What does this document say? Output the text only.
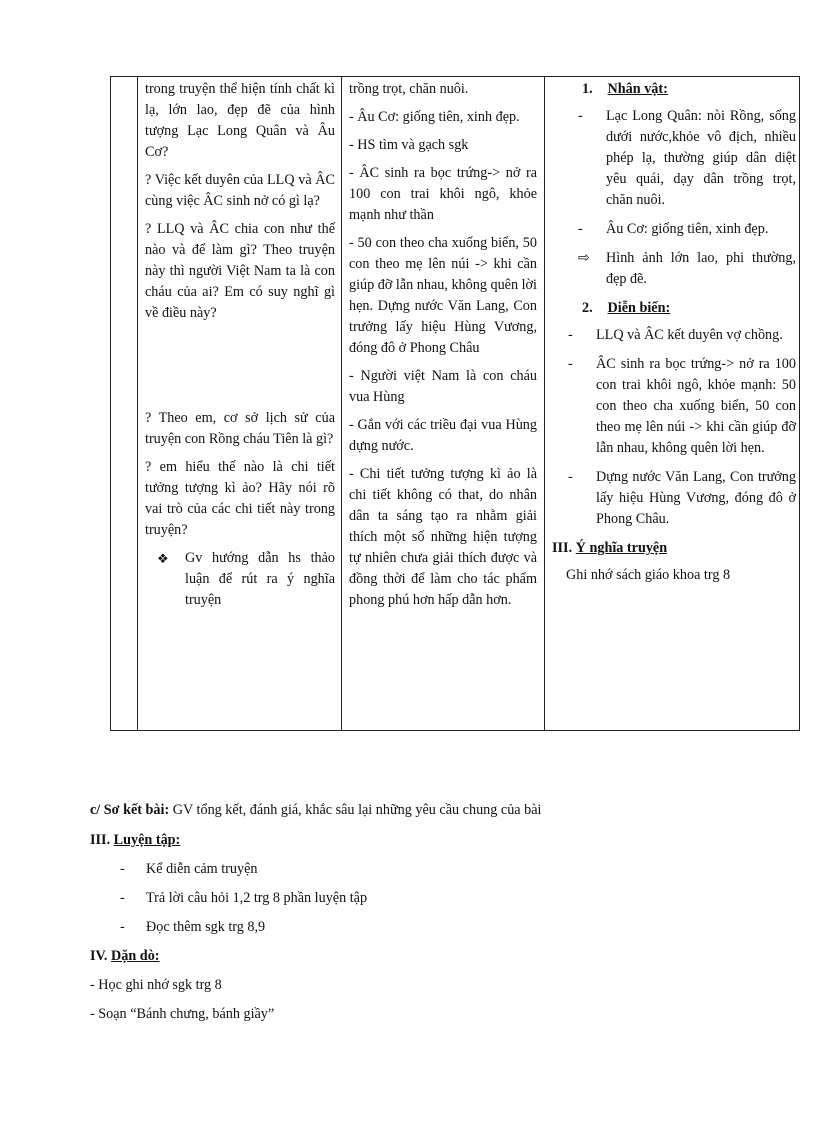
trong truyện thể hiện tính chất kì lạ, lớn lao, đẹp đẽ của hình tượng Lạc Long Quân và Âu Cơ?

? Việc kết duyên của LLQ và ÂC cùng việc ÂC sinh nở có gì lạ?

? LLQ và ÂC chia con như thế nào và để làm gì? Theo truyện này thì người Việt Nam ta là con cháu của ai? Em có suy nghĩ gì về điều này?

? Theo em, cơ sở lịch sử của truyện con Rồng cháu Tiên là gì?

? em hiểu thế nào là chi tiết tưởng tượng kì ảo? Hãy nói rõ vai trò của các chi tiết này trong truyện?

❖ Gv hướng dẫn hs thảo luận để rút ra ý nghĩa truyện

trồng trọt, chăn nuôi.

- Âu Cơ: giống tiên, xinh đẹp.

- HS tìm và gạch sgk

- ÂC sinh ra bọc trứng-> nở ra 100 con trai khôi ngô, khỏe mạnh như thần

- 50 con theo cha xuống biển, 50 con theo mẹ lên núi -> khi cần giúp đỡ lẫn nhau, không quên lời hẹn. Dựng nước Văn Lang, Con trưởng lấy hiệu Hùng Vương, đóng đô ở Phong Châu

- Người việt Nam là con cháu vua Hùng

- Gắn với các triều đại vua Hùng dựng nước.

- Chi tiết tưởng tượng kì ảo là chi tiết không có that, do nhân dân ta sáng tạo ra nhằm giải thích một số những hiện tượng tự nhiên chưa giải thích được và đồng thời để làm cho tác phẩm phong phú hơn hấp dẫn hơn.

1. Nhân vật:

- Lạc Long Quân: nòi Rồng, sống dưới nước,khỏe vô địch, nhiều phép lạ, thường giúp dân diệt yêu quái, dạy dân trồng trọt, chăn nuôi.
- Âu Cơ: giống tiên, xinh đẹp.
⇨ Hình ảnh lớn lao, phi thường, đẹp đẽ.

2. Diễn biến:

- LLQ và ÂC kết duyên vợ chồng.
- ÂC sinh ra bọc trứng-> nở ra 100 con trai khôi ngô, khỏe mạnh: 50 con theo cha xuống biển, 50 con theo mẹ lên núi -> khi cần giúp đỡ lẫn nhau, không quên lời hẹn.
- Dựng nước Văn Lang, Con trưởng lấy hiệu Hùng Vương, đóng đô ở Phong Châu.

III. Ý nghĩa truyện

Ghi nhớ sách giáo khoa trg 8

c/ Sơ kết bài: GV tổng kết, đánh giá, khắc sâu lại những yêu cầu chung của bài

III. Luyện tập:

- Kể diễn cảm truyện
- Trả lời câu hỏi 1,2 trg 8 phần luyện tập
- Đọc thêm sgk trg 8,9

IV. Dặn dò:

- Học ghi nhớ sgk trg 8

- Soạn “Bánh chưng, bánh giầy”
